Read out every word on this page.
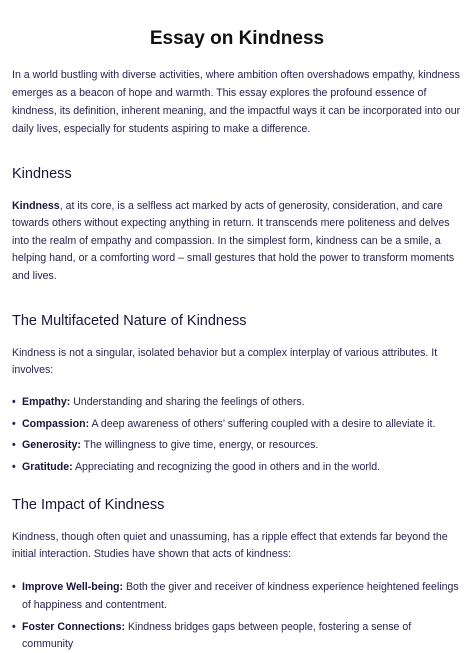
Essay on Kindness

In a world bustling with diverse activities, where ambition often overshadows empathy, kindness emerges as a beacon of hope and warmth. This essay explores the profound essence of kindness, its definition, inherent meaning, and the impactful ways it can be incorporated into our daily lives, especially for students aspiring to make a difference.

Kindness

Kindness, at its core, is a selfless act marked by acts of generosity, consideration, and care towards others without expecting anything in return. It transcends mere politeness and delves into the realm of empathy and compassion. In the simplest form, kindness can be a smile, a helping hand, or a comforting word – small gestures that hold the power to transform moments and lives.

The Multifaceted Nature of Kindness

Kindness is not a singular, isolated behavior but a complex interplay of various attributes. It involves:

• Empathy: Understanding and sharing the feelings of others.
• Compassion: A deep awareness of others’ suffering coupled with a desire to alleviate it.
• Generosity: The willingness to give time, energy, or resources.
• Gratitude: Appreciating and recognizing the good in others and in the world.
The Impact of Kindness

Kindness, though often quiet and unassuming, has a ripple effect that extends far beyond the initial interaction. Studies have shown that acts of kindness:

• Improve Well-being: Both the giver and receiver of kindness experience heightened feelings of happiness and contentment.
• Foster Connections: Kindness bridges gaps between people, fostering a sense of community
